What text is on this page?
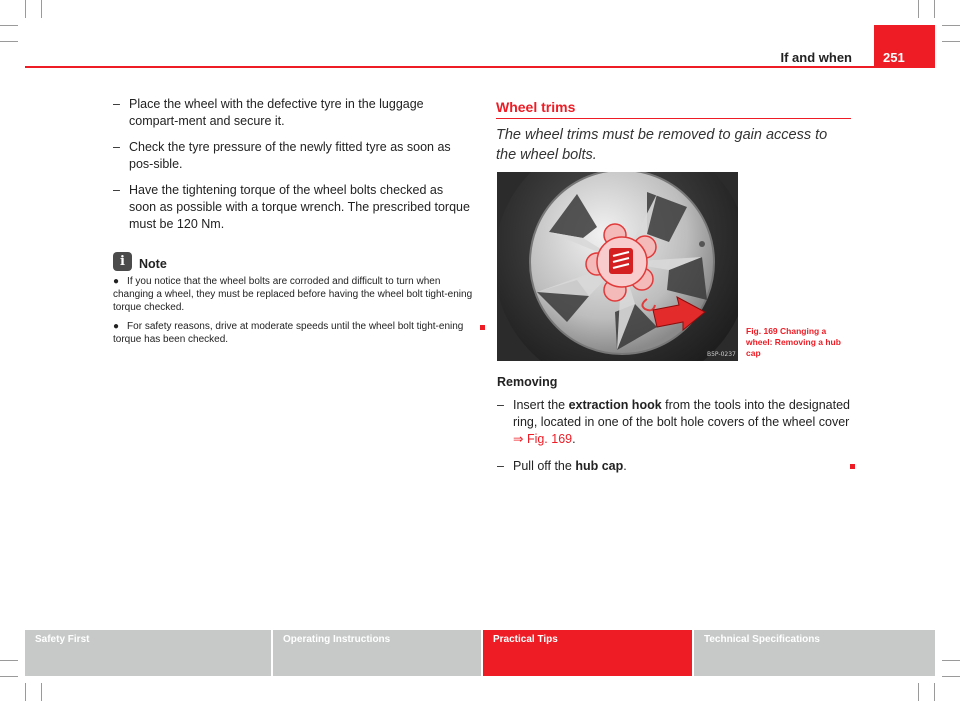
If and when	251
– Place the wheel with the defective tyre in the luggage compart-ment and secure it.
– Check the tyre pressure of the newly fitted tyre as soon as pos-sible.
– Have the tightening torque of the wheel bolts checked as soon as possible with a torque wrench. The prescribed torque must be 120 Nm.
i	Note
● If you notice that the wheel bolts are corroded and difficult to turn when changing a wheel, they must be replaced before having the wheel bolt tight-ening torque checked.
● For safety reasons, drive at moderate speeds until the wheel bolt tight-ening torque has been checked.
Wheel trims
The wheel trims must be removed to gain access to the wheel bolts.
B5P-0237
Fig. 169 Changing a wheel: Removing a hub cap
Removing
– Insert the extraction hook from the tools into the designated ring, located in one of the bolt hole covers of the wheel cover
⇒ Fig. 169.
– Pull off the hub cap.
Safety First	Operating Instructions	Practical Tips	Technical Specifications
